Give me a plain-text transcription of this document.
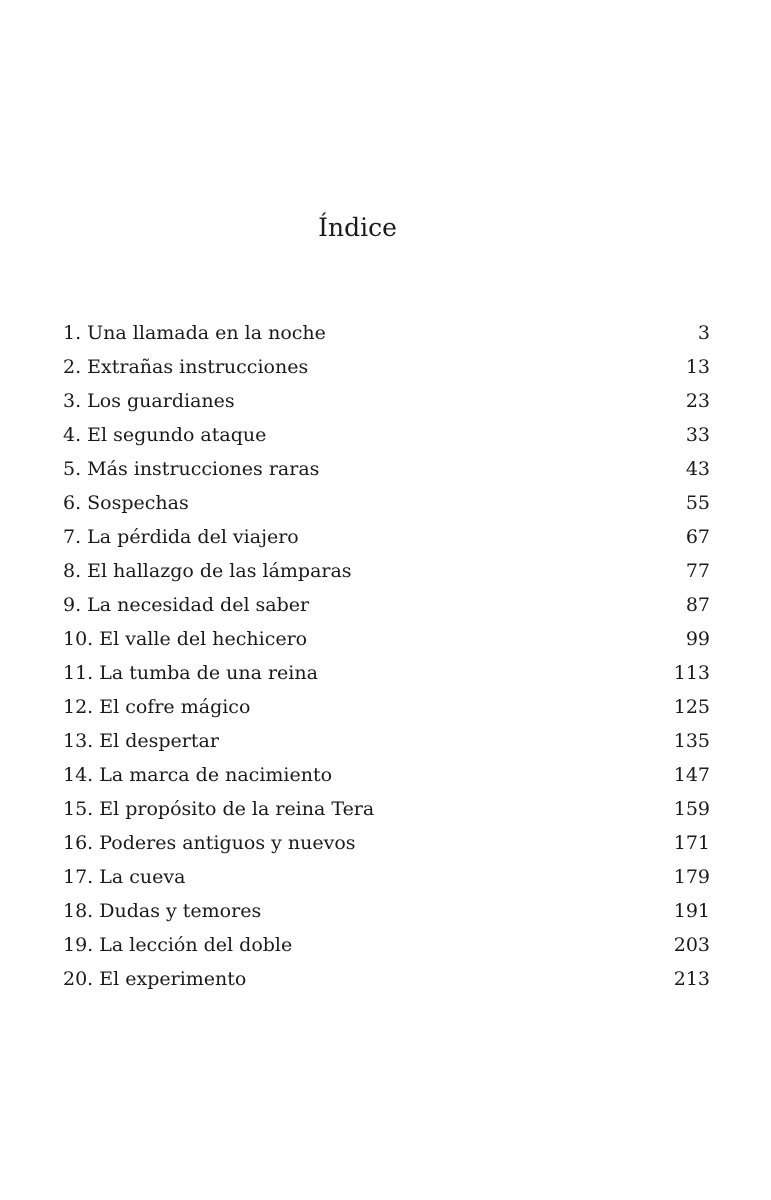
Índice
1. Una llamada en la noche	3
2. Extrañas instrucciones	13
3. Los guardianes	23
4. El segundo ataque	33
5. Más instrucciones raras	43
6. Sospechas	55
7. La pérdida del viajero	67
8. El hallazgo de las lámparas	77
9. La necesidad del saber	87
10. El valle del hechicero	99
11. La tumba de una reina	113
12. El cofre mágico	125
13. El despertar	135
14. La marca de nacimiento	147
15. El propósito de la reina Tera	159
16. Poderes antiguos y nuevos	171
17. La cueva	179
18. Dudas y temores	191
19. La lección del doble	203
20. El experimento	213
